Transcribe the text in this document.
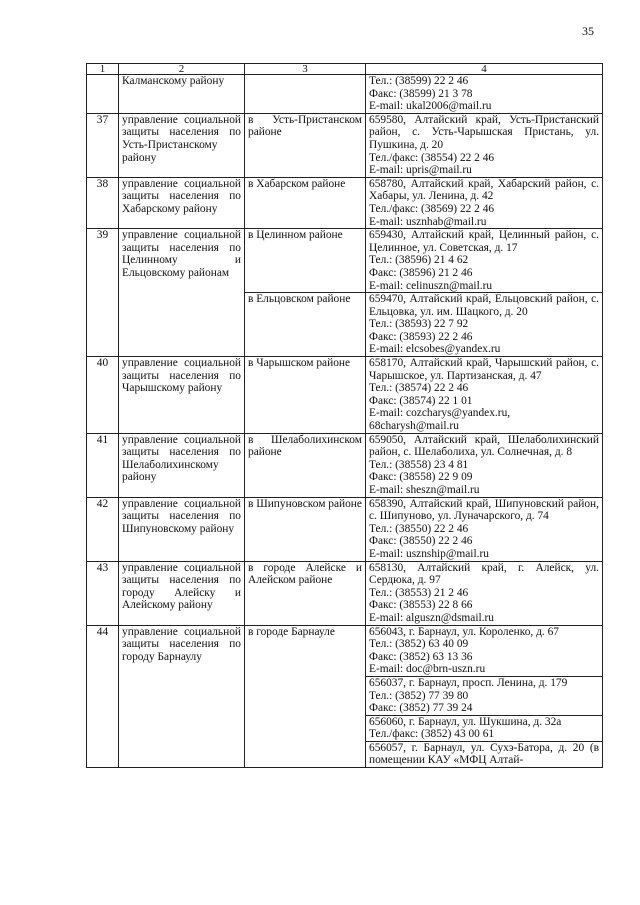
35
1	2	3	4
	Калманскому району		Тел.: (38599) 22 2 46
Факс: (38599) 21 3 78
E-mail: ukal2006@mail.ru

37	управление социальной защиты населения по Усть-Пристанскому району	в Усть-Пристанском районе	659580, Алтайский край, Усть-Пристанский район, с. Усть-Чарышская Пристань, ул. Пушкина, д. 20
Тел./факс: (38554) 22 2 46
E-mail: upris@mail.ru

38	управление социальной защиты населения по Хабарскому району	в Хабарском районе	658780, Алтайский край, Хабарский район, с. Хабары, ул. Ленина, д. 42
Тел./факс: (38569) 22 2 46
E-mail: usznhab@mail.ru

39	управление социальной защиты населения по Целинному и Ельцовскому районам	в Целинном районе	659430, Алтайский край, Целинный район, с. Целинное, ул. Советская, д. 17
Тел.: (38596) 21 4 62
Факс: (38596) 21 2 46
E-mail: celinuszn@mail.ru

		в Ельцовском районе	659470, Алтайский край, Ельцовский район, с. Ельцовка, ул. им. Шацкого, д. 20
Тел.: (38593) 22 7 92
Факс: (38593) 22 2 46
E-mail: elcsobes@yandex.ru

40	управление социальной защиты населения по Чарышскому району	в Чарышском районе	658170, Алтайский край, Чарышский район, с. Чарышское, ул. Партизанская, д. 47
Тел.: (38574) 22 2 46
Факс: (38574) 22 1 01
E-mail: cozcharys@yandex.ru,
68charysh@mail.ru

41	управление социальной защиты населения по Шелаболихинскому району	в Шелаболихинском районе	659050, Алтайский край, Шелаболихинский район, с. Шелаболиха, ул. Солнечная, д. 8
Тел.: (38558) 23 4 81
Факс: (38558) 22 9 09
E-mail: sheszn@mail.ru

42	управление социальной защиты населения по Шипуновскому району	в Шипуновском районе	658390, Алтайский край, Шипуновский район, с. Шипуново, ул. Луначарского, д. 74
Тел.: (38550) 22 2 46
Факс: (38550) 22 2 46
E-mail: usznship@mail.ru

43	управление социальной защиты населения по городу Алейску и Алейскому району	в городе Алейске и Алейском районе	658130, Алтайский край, г. Алейск, ул. Сердюка, д. 97
Тел.: (38553) 21 2 46
Факс: (38553) 22 8 66
E-mail: alguszn@dsmail.ru

44	управление социальной защиты населения по городу Барнаулу	в городе Барнауле	656043, г. Барнаул, ул. Короленко, д. 67
Тел.: (3852) 63 40 09
Факс: (3852) 63 13 36
E-mail: doc@brn-uszn.ru

			656037, г. Барнаул, просп. Ленина, д. 179
Тел.: (3852) 77 39 80
Факс: (3852) 77 39 24

			656060, г. Барнаул, ул. Шукшина, д. 32а
Тел./факс: (3852) 43 00 61

			656057, г. Барнаул, ул. Сухэ-Батора, д. 20 (в помещении КАУ «МФЦ Алтай-
